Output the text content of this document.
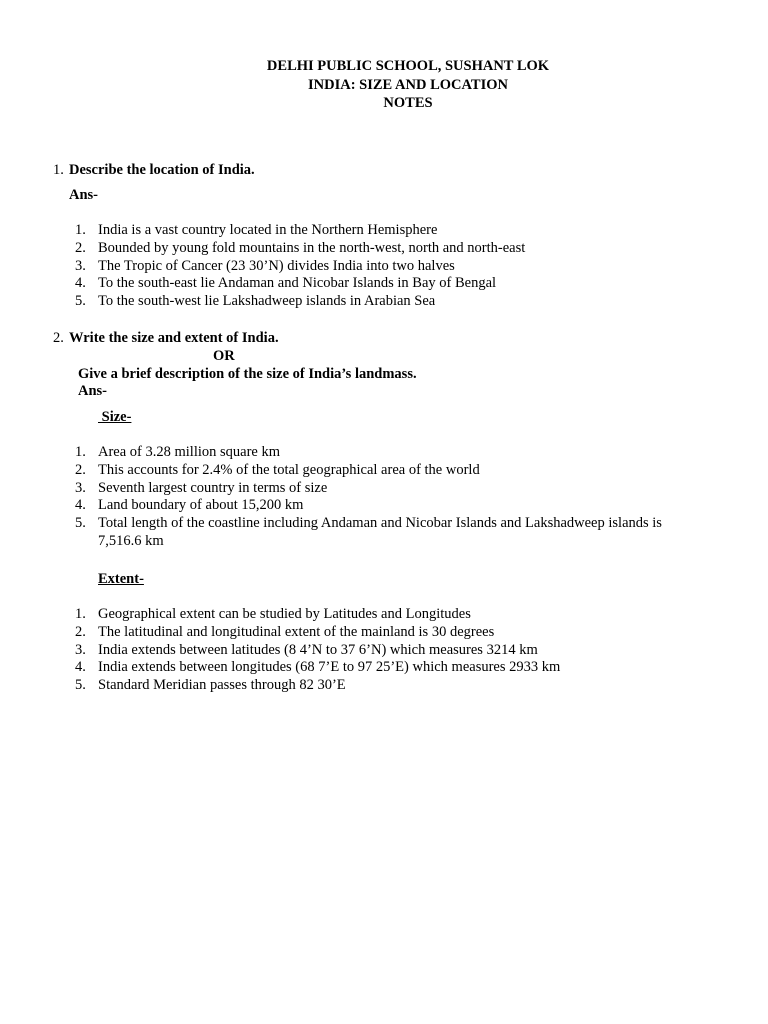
DELHI PUBLIC SCHOOL, SUSHANT LOK
INDIA: SIZE AND LOCATION
NOTES
1. Describe the location of India.
Ans-
1. India is a vast country located in the Northern Hemisphere
2. Bounded by young fold mountains in the north-west, north and north-east
3. The Tropic of Cancer (23 30’N) divides India into two halves
4. To the south-east lie Andaman and Nicobar Islands in Bay of Bengal
5. To the south-west lie Lakshadweep islands in Arabian Sea
2. Write the size and extent of India.
OR
Give a brief description of the size of India’s landmass.
Ans-
Size-
1. Area of 3.28 million square km
2. This accounts for 2.4% of the total geographical area of the world
3. Seventh largest country in terms of size
4. Land boundary of about 15,200 km
5. Total length of the coastline including Andaman and Nicobar Islands and Lakshadweep islands is 7,516.6 km
Extent-
1. Geographical extent can be studied by Latitudes and Longitudes
2. The latitudinal and longitudinal extent of the mainland is 30 degrees
3. India extends between latitudes (8 4’N to 37 6’N) which measures 3214 km
4. India extends between longitudes (68 7’E to 97 25’E) which measures 2933 km
5. Standard Meridian passes through 82 30’E
